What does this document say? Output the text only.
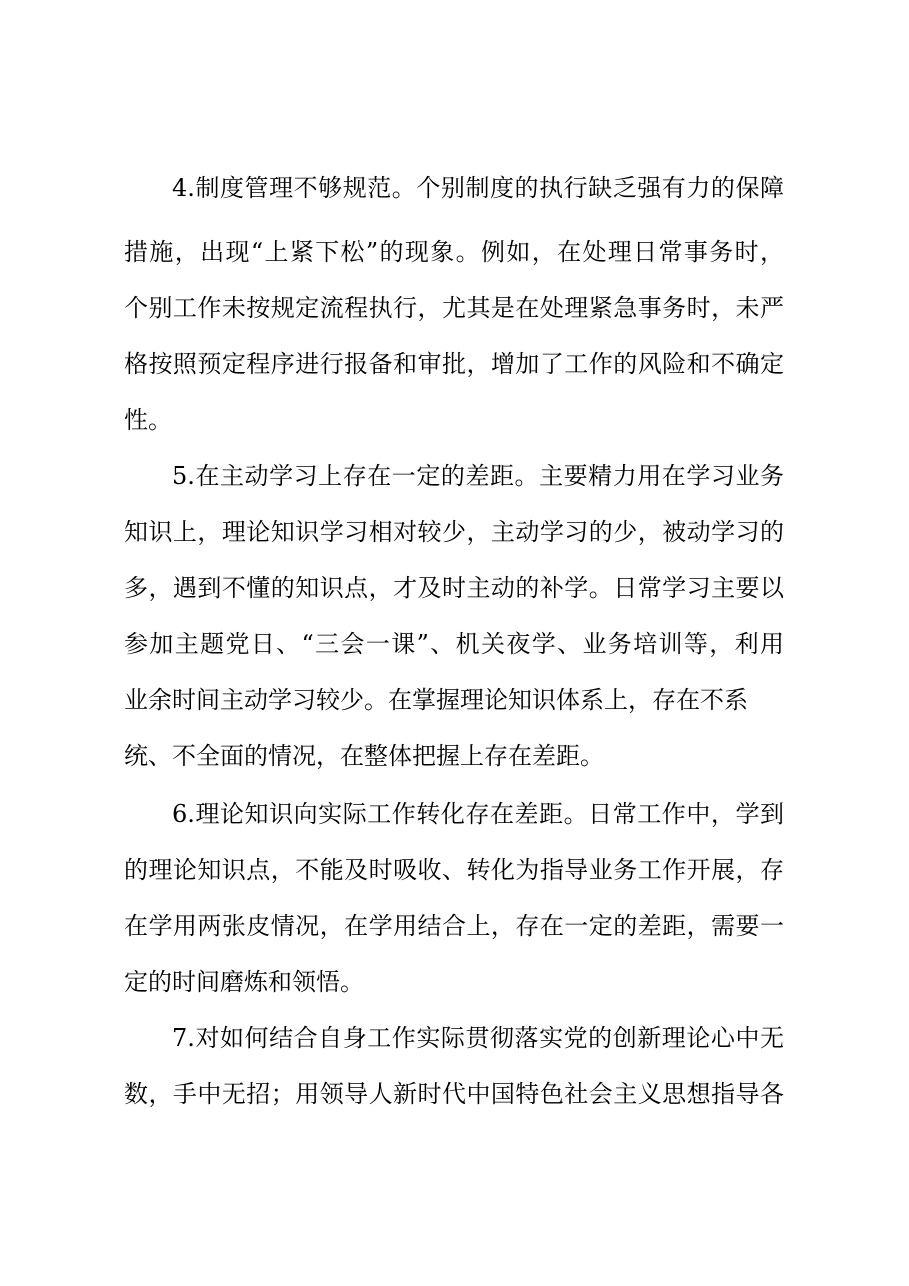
4.制度管理不够规范。个别制度的执行缺乏强有力的保障
措施，出现“上紧下松”的现象。例如，在处理日常事务时，
个别工作未按规定流程执行，尤其是在处理紧急事务时，未严
格按照预定程序进行报备和审批，增加了工作的风险和不确定
性。
5.在主动学习上存在一定的差距。主要精力用在学习业务
知识上，理论知识学习相对较少，主动学习的少，被动学习的
多，遇到不懂的知识点，才及时主动的补学。日常学习主要以
参加主题党日、“三会一课”、机关夜学、业务培训等，利用
业余时间主动学习较少。在掌握理论知识体系上，存在不系
统、不全面的情况，在整体把握上存在差距。
6.理论知识向实际工作转化存在差距。日常工作中，学到
的理论知识点，不能及时吸收、转化为指导业务工作开展，存
在学用两张皮情况，在学用结合上，存在一定的差距，需要一
定的时间磨炼和领悟。
7.对如何结合自身工作实际贯彻落实党的创新理论心中无
数，手中无招；用领导人新时代中国特色社会主义思想指导各
